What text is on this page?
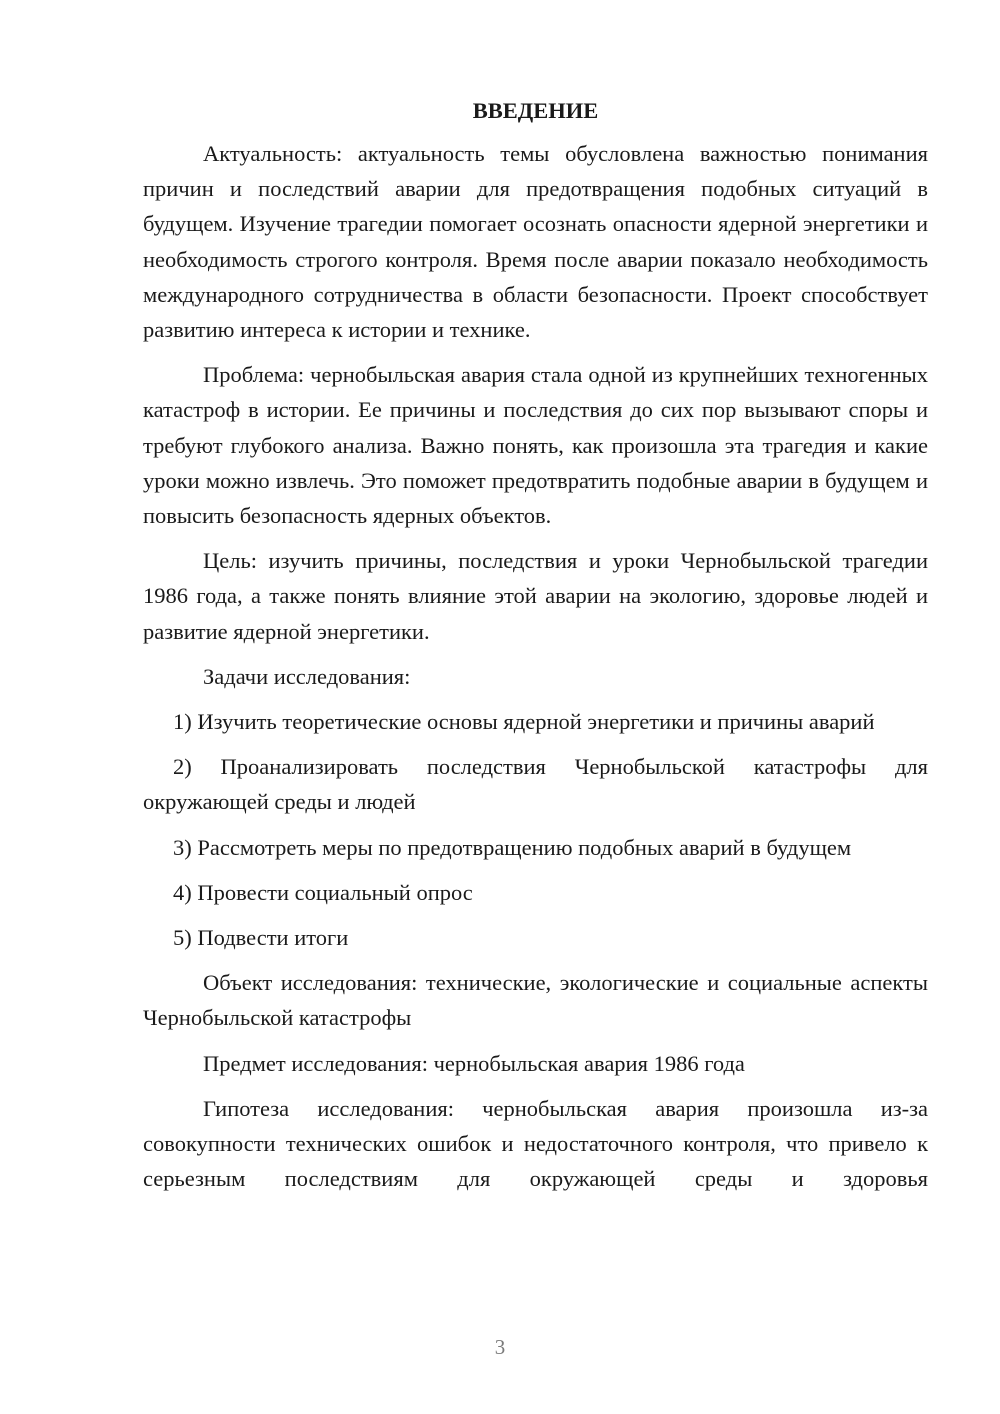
ВВЕДЕНИЕ

Актуальность: актуальность темы обусловлена важностью понимания причин и последствий аварии для предотвращения подобных ситуаций в будущем. Изучение трагедии помогает осознать опасности ядерной энергетики и необходимость строгого контроля. Время после аварии показало необходимость международного сотрудничества в области безопасности. Проект способствует развитию интереса к истории и технике.

Проблема: чернобыльская авария стала одной из крупнейших техногенных катастроф в истории. Ее причины и последствия до сих пор вызывают споры и требуют глубокого анализа. Важно понять, как произошла эта трагедия и какие уроки можно извлечь. Это поможет предотвратить подобные аварии в будущем и повысить безопасность ядерных объектов.

Цель: изучить причины, последствия и уроки Чернобыльской трагедии 1986 года, а также понять влияние этой аварии на экологию, здоровье людей и развитие ядерной энергетики.

Задачи исследования:

1) Изучить теоретические основы ядерной энергетики и причины аварий

2) Проанализировать последствия Чернобыльской катастрофы для окружающей среды и людей

3) Рассмотреть меры по предотвращению подобных аварий в будущем

4) Провести социальный опрос

5) Подвести итоги

Объект исследования: технические, экологические и социальные аспекты Чернобыльской катастрофы

Предмет исследования: чернобыльская авария 1986 года

Гипотеза исследования: чернобыльская авария произошла из-за совокупности технических ошибок и недостаточного контроля, что привело к серьезным последствиям для окружающей среды и здоровья

3
